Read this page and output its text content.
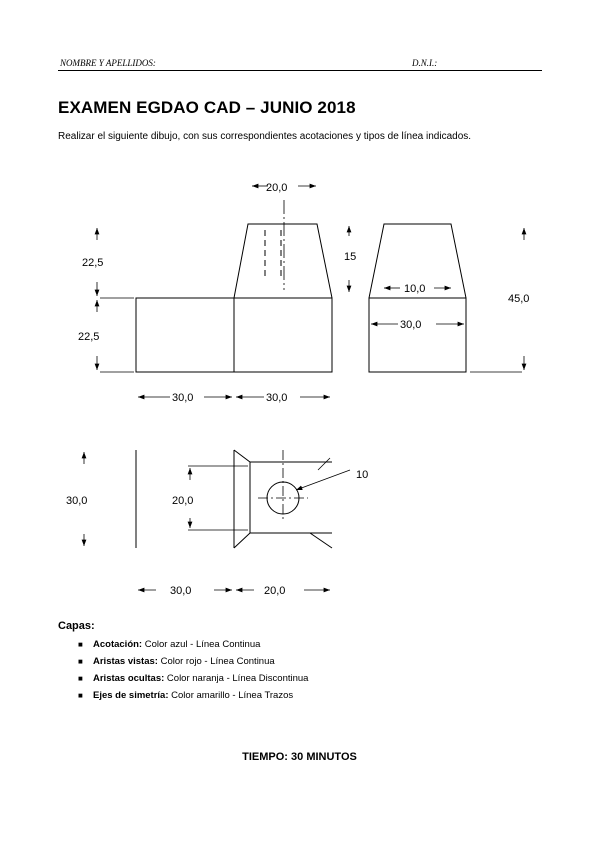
NOMBRE Y APELLIDOS:	D.N.I.:
EXAMEN EGDAO CAD – JUNIO 2018
Realizar el siguiente dibujo, con sus correspondientes acotaciones y tipos de línea indicados.
20,0
22,5
22,5
15
30,0	30,0
10,0
30,0
45,0
30,0	20,0
10
30,0	20,0
Capas:
■ Acotación: Color azul - Línea Continua
■ Aristas vistas: Color rojo - Línea Continua
■ Aristas ocultas: Color naranja - Línea Discontinua
■ Ejes de simetría: Color amarillo - Línea Trazos
TIEMPO: 30 MINUTOS
